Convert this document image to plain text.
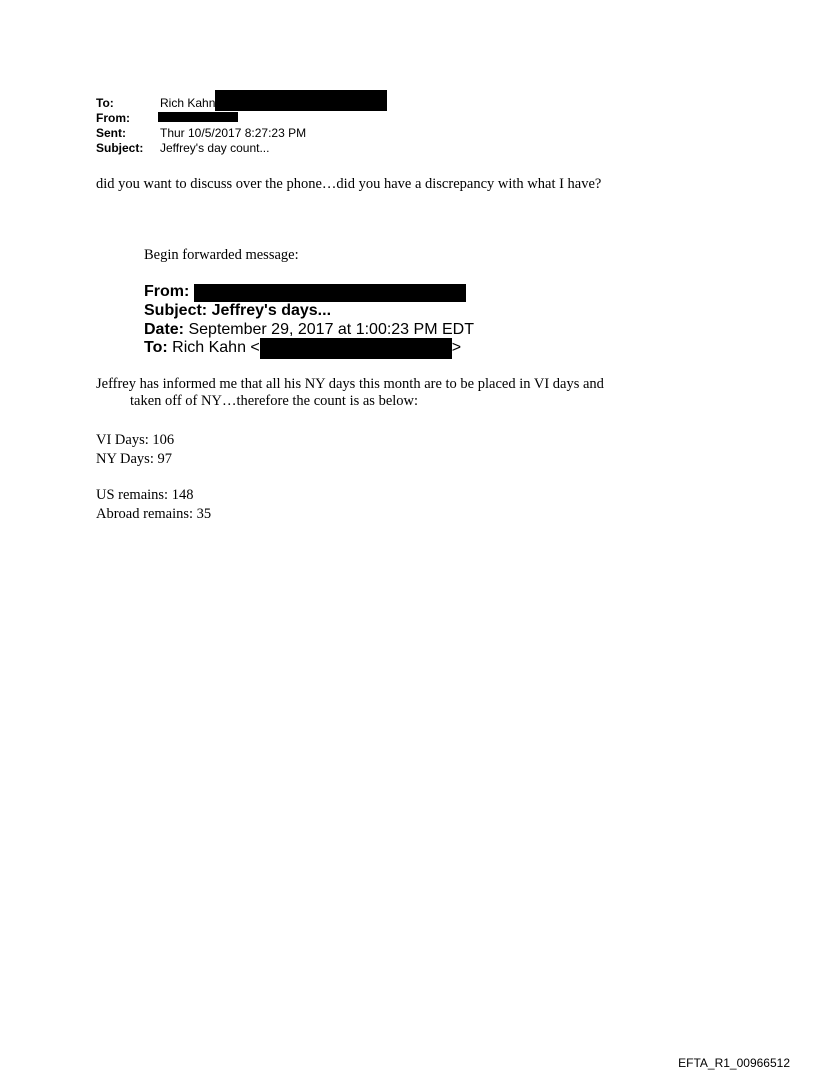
To:	Rich Kahn
From:
Sent:	Thur 10/5/2017 8:27:23 PM
Subject: Jeffrey's day count...
did you want to discuss over the phone…did you have a discrepancy with what I have?
Begin forwarded message:
From:
Subject: Jeffrey's days...
Date: September 29, 2017 at 1:00:23 PM EDT
To: Rich Kahn <	>
Jeffrey has informed me that all his NY days this month are to be placed in VI days and
taken off of NY…therefore the count is as below:
VI Days: 106
NY Days: 97
US remains: 148
Abroad remains: 35
EFTA_R1_00966512
